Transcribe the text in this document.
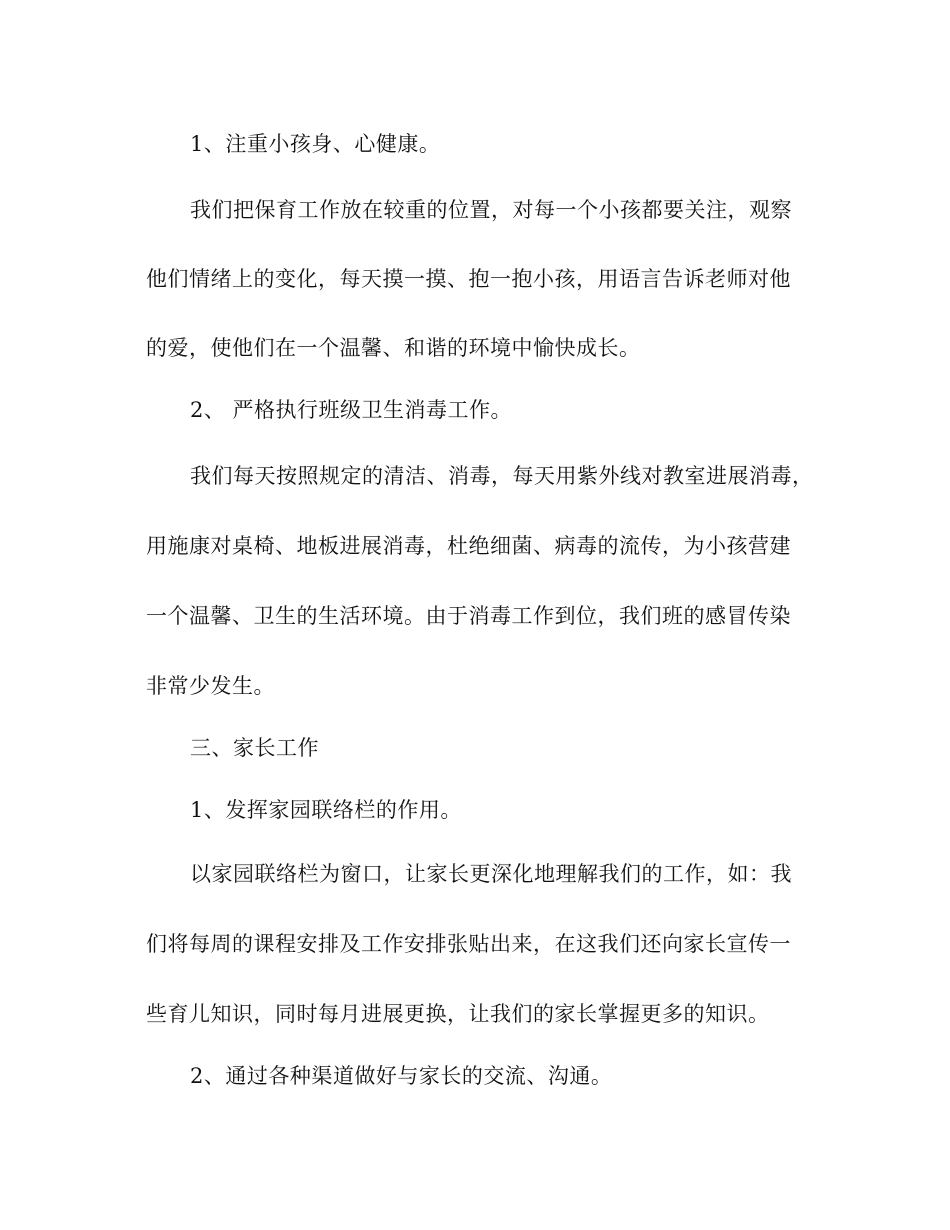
1、注重小孩身、心健康。
我们把保育工作放在较重的位置，对每一个小孩都要关注，观察
他们情绪上的变化，每天摸一摸、抱一抱小孩，用语言告诉老师对他
的爱，使他们在一个温馨、和谐的环境中愉快成长。
2、 严格执行班级卫生消毒工作。
我们每天按照规定的清洁、消毒，每天用紫外线对教室进展消毒，
用施康对桌椅、地板进展消毒，杜绝细菌、病毒的流传，为小孩营建
一个温馨、卫生的生活环境。由于消毒工作到位，我们班的感冒传染
非常少发生。
三、家长工作
1、发挥家园联络栏的作用。
以家园联络栏为窗口，让家长更深化地理解我们的工作，如：我
们将每周的课程安排及工作安排张贴出来，在这我们还向家长宣传一
些育儿知识，同时每月进展更换，让我们的家长掌握更多的知识。
2、通过各种渠道做好与家长的交流、沟通。
